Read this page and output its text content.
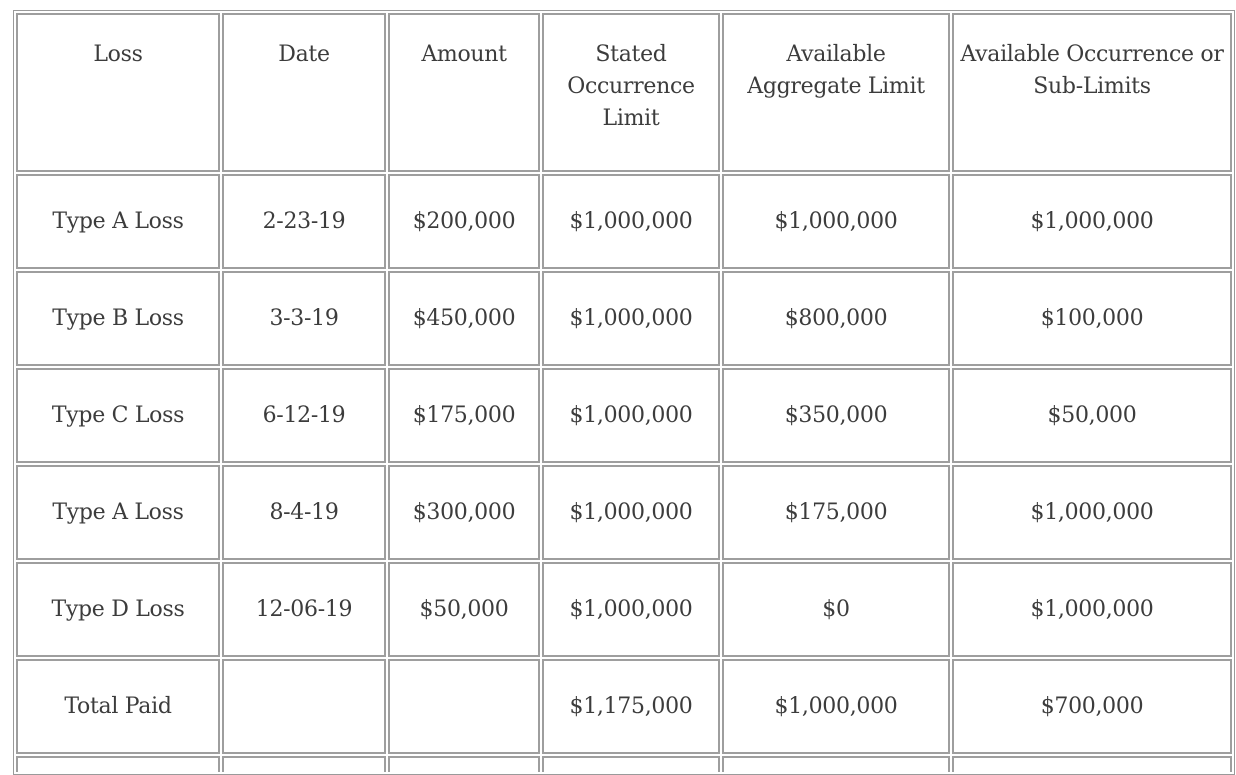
Loss	Date	Amount	Stated Occurrence Limit	Available Aggregate Limit	Available Occurrence or Sub-Limits
Type A Loss	2-23-19	$200,000	$1,000,000	$1,000,000	$1,000,000
Type B Loss	3-3-19	$450,000	$1,000,000	$800,000	$100,000
Type C Loss	6-12-19	$175,000	$1,000,000	$350,000	$50,000
Type A Loss	8-4-19	$300,000	$1,000,000	$175,000	$1,000,000
Type D Loss	12-06-19	$50,000	$1,000,000	$0	$1,000,000
Total Paid			$1,175,000	$1,000,000	$700,000
